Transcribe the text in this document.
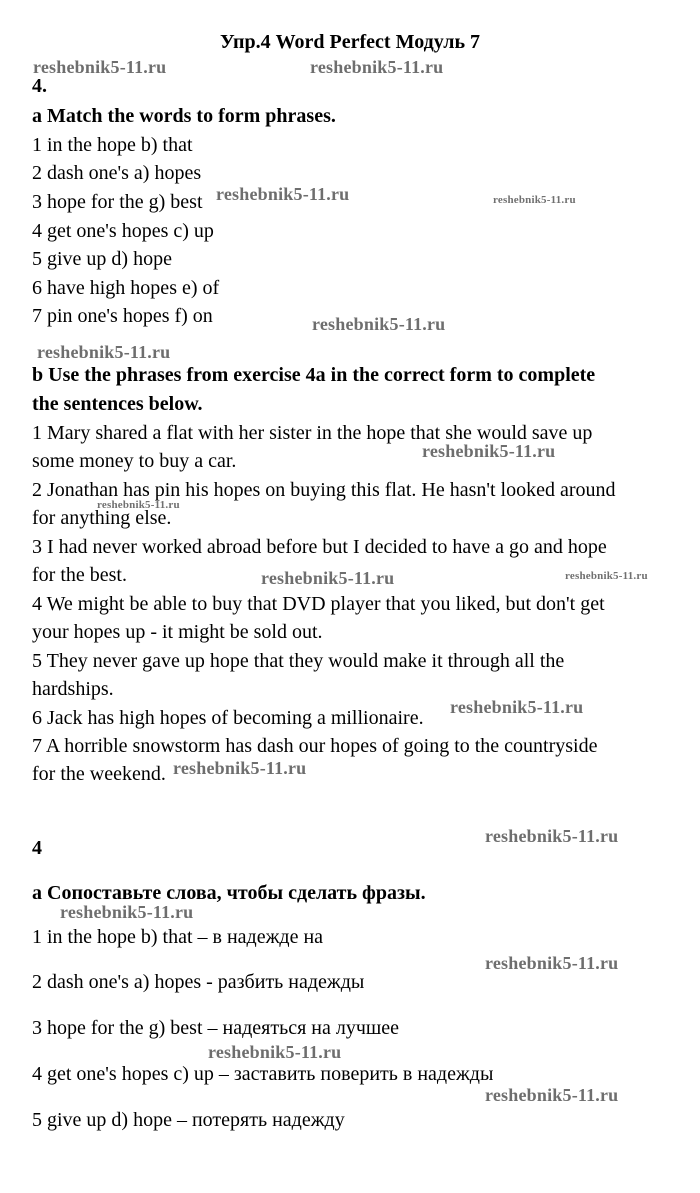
Упр.4 Word Perfect Модуль 7

4.

a Match the words to form phrases.

1 in the hope b) that

2 dash one's a) hopes

3 hope for the g) best

4 get one's hopes c) up

5 give up d) hope

6 have high hopes e) of

7 pin one's hopes f) on

b Use the phrases from exercise 4a in the correct form to complete

the sentences below.

1 Mary shared a flat with her sister in the hope that she would save up

some money to buy a car.

2 Jonathan has pin his hopes on buying this flat. He hasn't looked around

for anything else.

3 I had never worked abroad before but I decided to have a go and hope

for the best.

4 We might be able to buy that DVD player that you liked, but don't get

your hopes up - it might be sold out.

5 They never gave up hope that they would make it through all the

hardships.

6 Jack has high hopes of becoming a millionaire.

7 A horrible snowstorm has dash our hopes of going to the countryside

for the weekend.

4

a Сопоставьте слова, чтобы сделать фразы.

1 in the hope b) that – в надежде на

2 dash one's a) hopes - разбить надежды

3 hope for the g) best – надеяться на лучшее

4 get one's hopes c) up – заставить поверить в надежды

5 give up d) hope – потерять надежду

reshebnik5-11.ru	reshebnik5-11.ru
reshebnik5-11.ru	reshebnik5-11.ru
reshebnik5-11.ru
reshebnik5-11.ru
reshebnik5-11.ru
reshebnik5-11.ru
reshebnik5-11.ru	reshebnik5-11.ru
reshebnik5-11.ru
reshebnik5-11.ru
reshebnik5-11.ru
reshebnik5-11.ru
reshebnik5-11.ru
reshebnik5-11.ru
reshebnik5-11.ru
